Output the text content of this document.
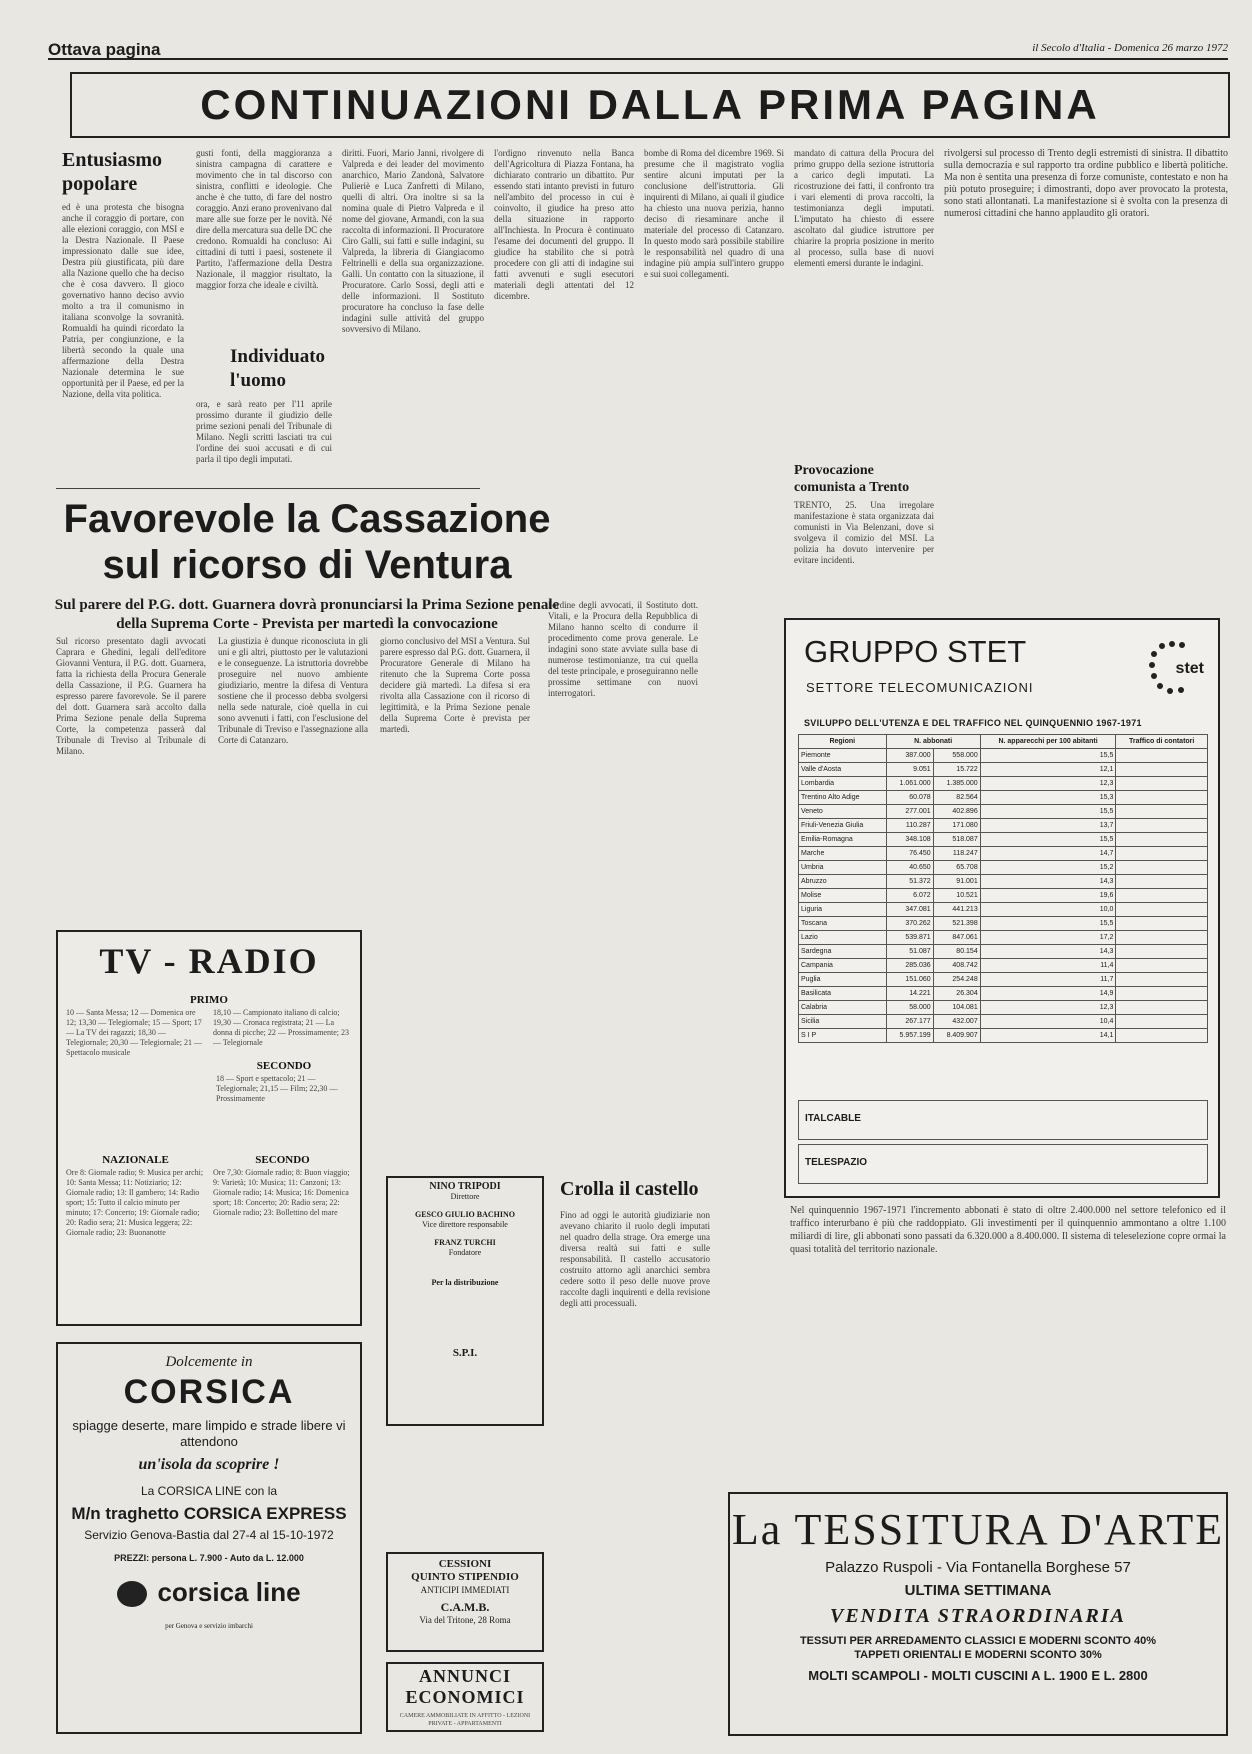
Ottava pagina	il Secolo d'Italia - Domenica 26 marzo 1972
CONTINUAZIONI DALLA PRIMA PAGINA
Entusiasmo popolare
ed è una protesta che bisogna anche il coraggio di portare, con alle elezioni coraggio, con MSI e la Destra Nazionale. Il Paese impressionato dalle sue idee, Destra più giustificata, più dare alla Nazione quello che ha deciso che è cosa davvero. Il gioco governativo hanno deciso avvio molto a tra il comunismo in italiana sconvolge la sovranità. Romualdi ha quindi ricordato la Patria, per congiunzione, e la libertà secondo la quale una affermazione della Destra Nazionale determina le sue opportunità per il Paese, ed per la Nazione, della vita politica.
gusti fonti, della maggioranza a sinistra campagna di carattere e movimento che in tal discorso con sinistra, conflitti e ideologie. Che anche è che tutto, di fare del nostro coraggio. Anzi erano provenivano dal mare alle sue forze per le novità. Né dire della mercatura sua delle DC che credono. Romualdi ha concluso: Ai cittadini di tutti i paesi, sostenete il Partito, l'affermazione della Destra Nazionale, il maggior risultato, la maggior forza che ideale e civiltà.
Individuato l'uomo
ora, e sarà reato per l'11 aprile prossimo durante il giudizio delle prime sezioni penali del Tribunale di Milano. Negli scritti lasciati tra cui l'ordine dei suoi accusati e di cui parla il tipo degli imputati.
diritti. Fuori, Mario Janni, rivolgere di Valpreda e dei leader del movimento anarchico, Mario Zandonà, Salvatore Pulieriè e Luca Zanfretti di Milano, quelli di altri. Ora inoltre si sa la nomina quale di Pietro Valpreda e il nome del giovane, Armandi, con la sua raccolta di informazioni. Il Procuratore Ciro Galli, sui fatti e sulle indagini, su Valpreda, la libreria di Giangiacomo Feltrinelli e della sua organizzazione. Galli. Un contatto con la situazione, il Procuratore. Carlo Sossi, degli atti e delle informazioni. Il Sostituto procuratore ha concluso la fase delle indagini sulle attività del gruppo sovversivo di Milano.
l'ordigno rinvenuto nella Banca dell'Agricoltura di Piazza Fontana, ha dichiarato contrario un dibattito. Pur essendo stati intanto previsti in futuro nell'ambito del processo in cui è coinvolto, il giudice ha preso atto della situazione in rapporto all'Inchiesta. In Procura è continuato l'esame dei documenti del gruppo. Il giudice ha stabilito che si potrà procedere con gli atti di indagine sui fatti avvenuti e sugli esecutori materiali degli attentati del 12 dicembre.
bombe di Roma del dicembre 1969. Si presume che il magistrato voglia sentire alcuni imputati per la conclusione dell'istruttoria. Gli inquirenti di Milano, ai quali il giudice ha chiesto una nuova perizia, hanno deciso di riesaminare anche il materiale del processo di Catanzaro. In questo modo sarà possibile stabilire le responsabilità nel quadro di una indagine più ampia sull'intero gruppo e sui suoi collegamenti.
mandato di cattura della Procura del primo gruppo della sezione istruttoria a carico degli imputati. La ricostruzione dei fatti, il confronto tra i vari elementi di prova raccolti, la testimonianza degli imputati. L'imputato ha chiesto di essere ascoltato dal giudice istruttore per chiarire la propria posizione in merito al processo, sulla base di nuovi elementi emersi durante le indagini.
Provocazione comunista a Trento
TRENTO, 25. Una irregolare manifestazione è stata organizzata dai comunisti in Via Belenzani, dove si svolgeva il comizio del MSI. La polizia ha dovuto intervenire per evitare incidenti.
rivolgersi sul processo di Trento degli estremisti di sinistra. Il dibattito sulla democrazia e sul rapporto tra ordine pubblico e libertà politiche. Ma non è sentita una presenza di forze comuniste, contestato e non ha più potuto proseguire; i dimostranti, dopo aver provocato la protesta, sono stati allontanati. La manifestazione si è svolta con la presenza di numerosi cittadini che hanno applaudito gli oratori.
Favorevole la Cassazione sul ricorso di Ventura
Sul parere del P.G. dott. Guarnera dovrà pronunciarsi la Prima Sezione penale della Suprema Corte - Prevista per martedì la convocazione
Sul ricorso presentato dagli avvocati Caprara e Ghedini, legali dell'editore Giovanni Ventura, il P.G. dott. Guarnera, fatta la richiesta della Procura Generale della Cassazione, il P.G. Guarnera ha espresso parere favorevole. Se il parere del dott. Guarnera sarà accolto dalla Prima Sezione penale della Suprema Corte, la competenza passerà dal Tribunale di Treviso al Tribunale di Milano.
La giustizia è dunque riconosciuta in gli uni e gli altri, piuttosto per le valutazioni e le conseguenze. La istruttoria dovrebbe proseguire nel nuovo ambiente giudiziario, mentre la difesa di Ventura sostiene che il processo debba svolgersi nella sede naturale, cioè quella in cui sono avvenuti i fatti, con l'esclusione del Tribunale di Treviso e l'assegnazione alla Corte di Catanzaro.
giorno conclusivo del MSI a Ventura. Sul parere espresso dal P.G. dott. Guarnera, il Procuratore Generale di Milano ha ritenuto che la Suprema Corte possa decidere già martedì. La difesa si era rivolta alla Cassazione con il ricorso di legittimità, e la Prima Sezione penale della Suprema Corte è prevista per martedì.
l'ordine degli avvocati, il Sostituto dott. Vitali, e la Procura della Repubblica di Milano hanno scelto di condurre il procedimento come prova generale. Le indagini sono state avviate sulla base di numerose testimonianze, tra cui quella del teste principale, e proseguiranno nelle prossime settimane con nuovi interrogatori.
Crolla il castello
Fino ad oggi le autorità giudiziarie non avevano chiarito il ruolo degli imputati nel quadro della strage. Ora emerge una diversa realtà sui fatti e sulle responsabilità. Il castello accusatorio costruito attorno agli anarchici sembra cedere sotto il peso delle nuove prove raccolte dagli inquirenti e della revisione degli atti processuali.
TV - RADIO
PRIMO
10 — Santa Messa; 12 — Domenica ore 12; 13,30 — Telegiornale; 15 — Sport; 17 — La TV dei ragazzi; 18,30 — Telegiornale; 20,30 — Telegiornale; 21 — Spettacolo musicale
18,10 — Campionato italiano di calcio; 19,30 — Cronaca registrata; 21 — La donna di picche; 22 — Prossimamente; 23 — Telegiornale
SECONDO
18 — Sport e spettacolo; 21 — Telegiornale; 21,15 — Film; 22,30 — Prossimamente
NAZIONALE
Ore 8: Giornale radio; 9: Musica per archi; 10: Santa Messa; 11: Notiziario; 12: Giornale radio; 13: Il gambero; 14: Radio sport; 15: Tutto il calcio minuto per minuto; 17: Concerto; 19: Giornale radio; 20: Radio sera; 21: Musica leggera; 22: Giornale radio; 23: Buonanotte
SECONDO
Ore 7,30: Giornale radio; 8: Buon viaggio; 9: Varietà; 10: Musica; 11: Canzoni; 13: Giornale radio; 14: Musica; 16: Domenica sport; 18: Concerto; 20: Radio sera; 22: Giornale radio; 23: Bollettino del mare
Dolcemente in
CORSICA
spiagge deserte, mare limpido e strade libere vi attendono
un'isola da scoprire !
La CORSICA LINE con la
M/n traghetto CORSICA EXPRESS
Servizio Genova-Bastia dal 27-4 al 15-10-1972
PREZZI: persona L. 7.900 - Auto da L. 12.000
corsica line
per Genova e servizio imbarchi
NINO TRIPODI
Direttore
GESCO GIULIO BACHINO
Vice direttore responsabile
FRANZ TURCHI
Fondatore
Per la distribuzione
S.P.I.
CESSIONI
QUINTO STIPENDIO
ANTICIPI IMMEDIATI
C.A.M.B.
Via del Tritone, 28 Roma
ANNUNCI ECONOMICI
CAMERE AMMOBILIATE IN AFFITTO - LEZIONI PRIVATE - APPARTAMENTI
GRUPPO STET
SETTORE TELECOMUNICAZIONI
stet
SVILUPPO DELL'UTENZA E DEL TRAFFICO NEL QUINQUENNIO 1967-1971
Regioni	N. abbonati		N. apparecchi per 100 abitanti	Traffico di contatori
Piemonte	387.000	558.000	15,5	
Valle d'Aosta	9.051	15.722	12,1	
Lombardia	1.061.000	1.385.000	12,3	
Trentino Alto Adige	60.078	82.564	15,3	
Veneto	277.001	402.896	15,5	
Friuli-Venezia Giulia	110.287	171.080	13,7	
Emilia-Romagna	348.108	518.087	15,5	
Marche	76.450	118.247	14,7	
Umbria	40.650	65.708	15,2	
Abruzzo	51.372	91.001	14,3	
Molise	6.072	10.521	19,6	
Liguria	347.081	441.213	10,0	
Toscana	370.262	521.398	15,5	
Lazio	539.871	847.061	17,2	
Sardegna	51.087	80.154	14,3	
Campania	285.036	408.742	11,4	
Puglia	151.060	254.248	11,7	
Basilicata	14.221	26.304	14,9	
Calabria	58.000	104.081	12,3	
Sicilia	267.177	432.007	10,4	
S I P	5.957.199	8.409.907	14,1	
ITALCABLE
TELESPAZIO
Nel quinquennio 1967-1971 l'incremento abbonati è stato di oltre 2.400.000 nel settore telefonico ed il traffico interurbano è più che raddoppiato. Gli investimenti per il quinquennio ammontano a oltre 1.100 miliardi di lire, gli abbonati sono passati da 6.320.000 a 8.400.000. Il sistema di teleselezione copre ormai la quasi totalità del territorio nazionale.
La TESSITURA D'ARTE
Palazzo Ruspoli - Via Fontanella Borghese 57
ULTIMA SETTIMANA
VENDITA STRAORDINARIA
TESSUTI PER ARREDAMENTO CLASSICI E MODERNI SCONTO 40%
TAPPETI ORIENTALI E MODERNI SCONTO 30%
MOLTI SCAMPOLI - MOLTI CUSCINI A L. 1900 E L. 2800
